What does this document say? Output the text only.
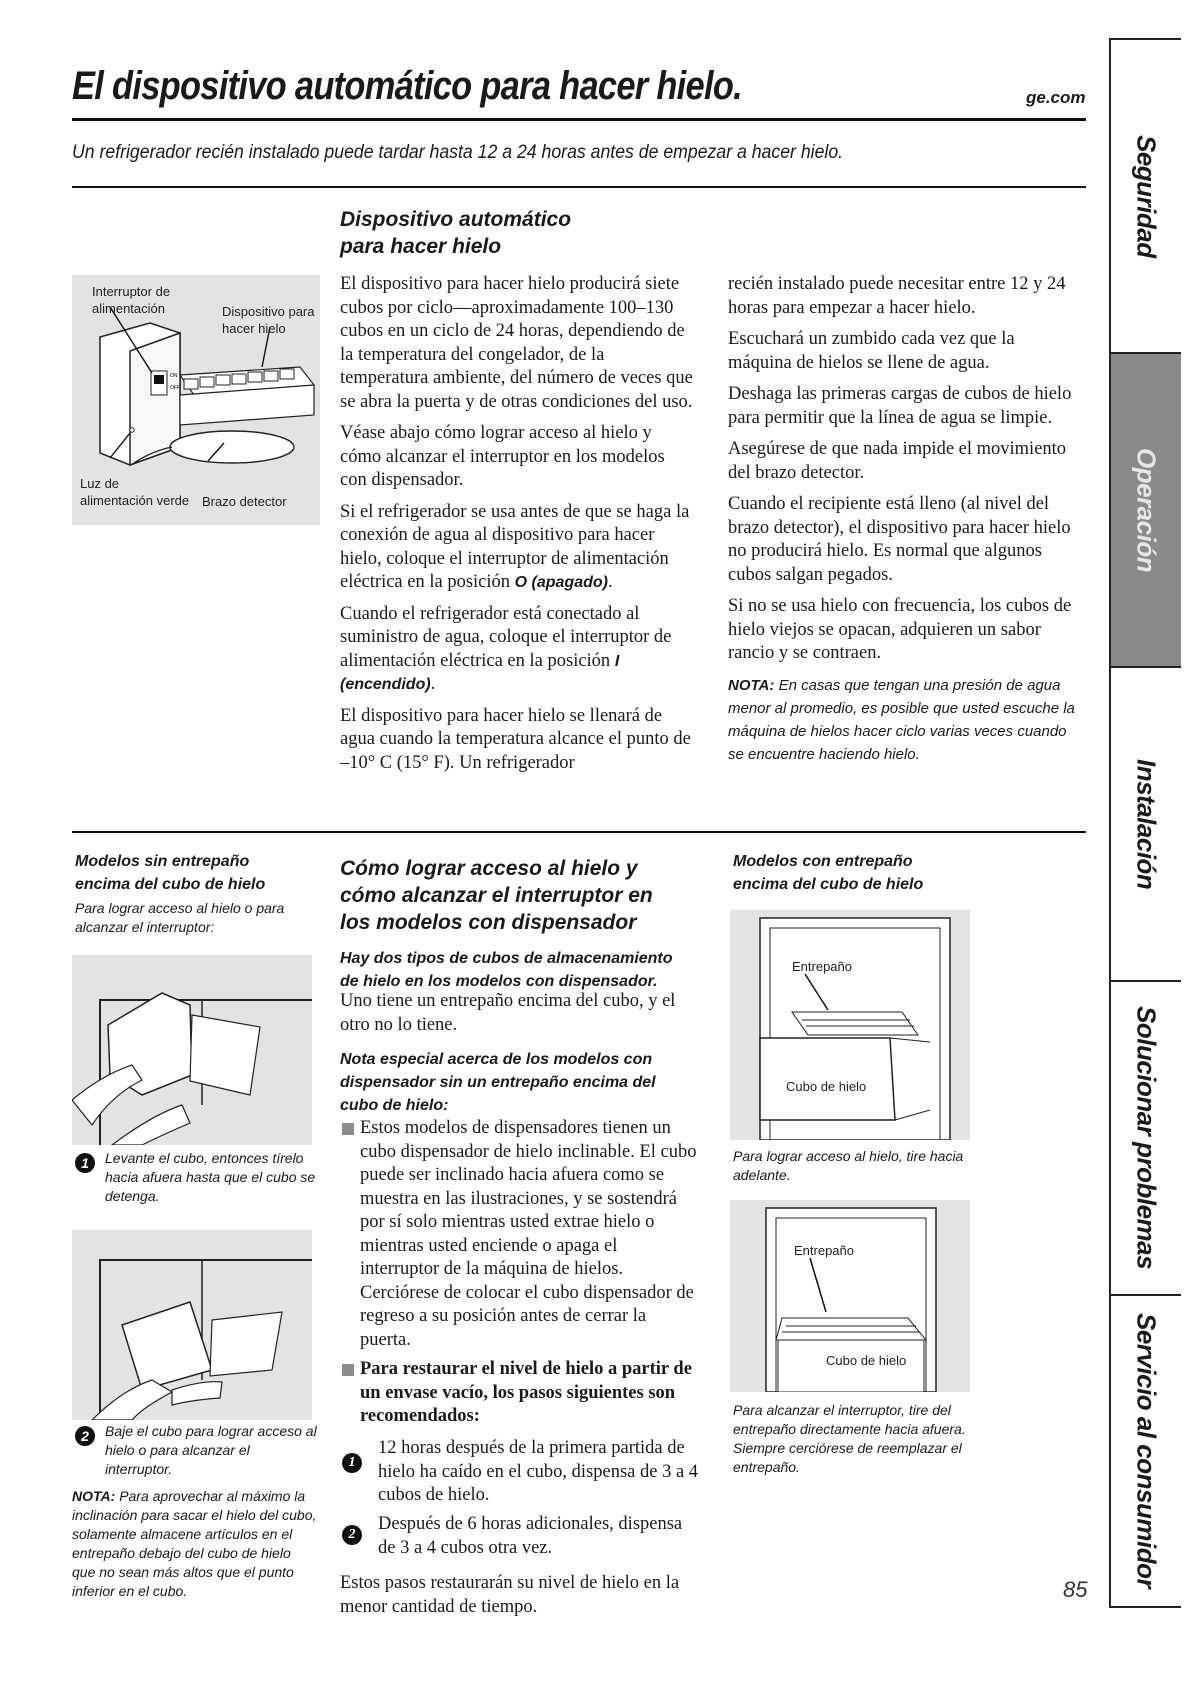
El dispositivo automático para hacer hielo.	ge.com
Un refrigerador recién instalado puede tardar hasta 12 a 24 horas antes de empezar a hacer hielo.	Seguridad
Operación
Instalación
Solucionar problemas
Servicio al consumidor
ON
OFF
Interruptor de alimentación	Dispositivo para hacer hielo
Luz de alimentación verde Brazo detector
Dispositivo automático para hacer hielo

El dispositivo para hacer hielo producirá siete cubos por ciclo—aproximadamente 100–130 cubos en un ciclo de 24 horas, dependiendo de la temperatura del congelador, de la temperatura ambiente, del número de veces que se abra la puerta y de otras condiciones del uso.

Véase abajo cómo lograr acceso al hielo y cómo alcanzar el interruptor en los modelos con dispensador.

Si el refrigerador se usa antes de que se haga la conexión de agua al dispositivo para hacer hielo, coloque el interruptor de alimentación eléctrica en la posición O (apagado).

Cuando el refrigerador está conectado al suministro de agua, coloque el interruptor de alimentación eléctrica en la posición I (encendido).

El dispositivo para hacer hielo se llenará de agua cuando la temperatura alcance el punto de –10° C (15° F). Un refrigerador

recién instalado puede necesitar entre 12 y 24 horas para empezar a hacer hielo.

Escuchará un zumbido cada vez que la máquina de hielos se llene de agua.

Deshaga las primeras cargas de cubos de hielo para permitir que la línea de agua se limpie.

Asegúrese de que nada impide el movimiento del brazo detector.

Cuando el recipiente está lleno (al nivel del brazo detector), el dispositivo para hacer hielo no producirá hielo. Es normal que algunos cubos salgan pegados.

Si no se usa hielo con frecuencia, los cubos de hielo viejos se opacan, adquieren un sabor rancio y se contraen.

NOTA: En casas que tengan una presión de agua menor al promedio, es posible que usted escuche la máquina de hielos hacer ciclo varias veces cuando se encuentre haciendo hielo.
Modelos sin entrepaño encima del cubo de hielo
Para lograr acceso al hielo o para alcanzar el interruptor:
1	Levante el cubo, entonces tírelo hacia afuera hasta que el cubo se detenga.
2	Baje el cubo para lograr acceso al hielo o para alcanzar el interruptor.
NOTA: Para aprovechar al máximo la inclinación para sacar el hielo del cubo, solamente almacene artículos en el entrepaño debajo del cubo de hielo que no sean más altos que el punto inferior en el cubo.
Cómo lograr acceso al hielo y cómo alcanzar el interruptor en los modelos con dispensador
Hay dos tipos de cubos de almacenamiento de hielo en los modelos con dispensador.
Uno tiene un entrepaño encima del cubo, y el otro no lo tiene.
Nota especial acerca de los modelos con dispensador sin un entrepaño encima del cubo de hielo:
Estos modelos de dispensadores tienen un cubo dispensador de hielo inclinable. El cubo puede ser inclinado hacia afuera como se muestra en las ilustraciones, y se sostendrá por sí solo mientras usted extrae hielo o mientras usted enciende o apaga el interruptor de la máquina de hielos. Cerciórese de colocar el cubo dispensador de regreso a su posición antes de cerrar la puerta.
Para restaurar el nivel de hielo a partir de un envase vacío, los pasos siguientes son recomendados:
1
12 horas después de la primera partida de hielo ha caído en el cubo, dispensa de 3 a 4 cubos de hielo.
2
Después de 6 horas adicionales, dispensa de 3 a 4 cubos otra vez.
Estos pasos restaurarán su nivel de hielo en la menor cantidad de tiempo.
Modelos con entrepaño encima del cubo de hielo
Entrepaño
Cubo de hielo
Para lograr acceso al hielo, tire hacia adelante.
Entrepaño
Cubo de hielo
Para alcanzar el interruptor, tire del entrepaño directamente hacia afuera. Siempre cerciórese de reemplazar el entrepaño.
85
